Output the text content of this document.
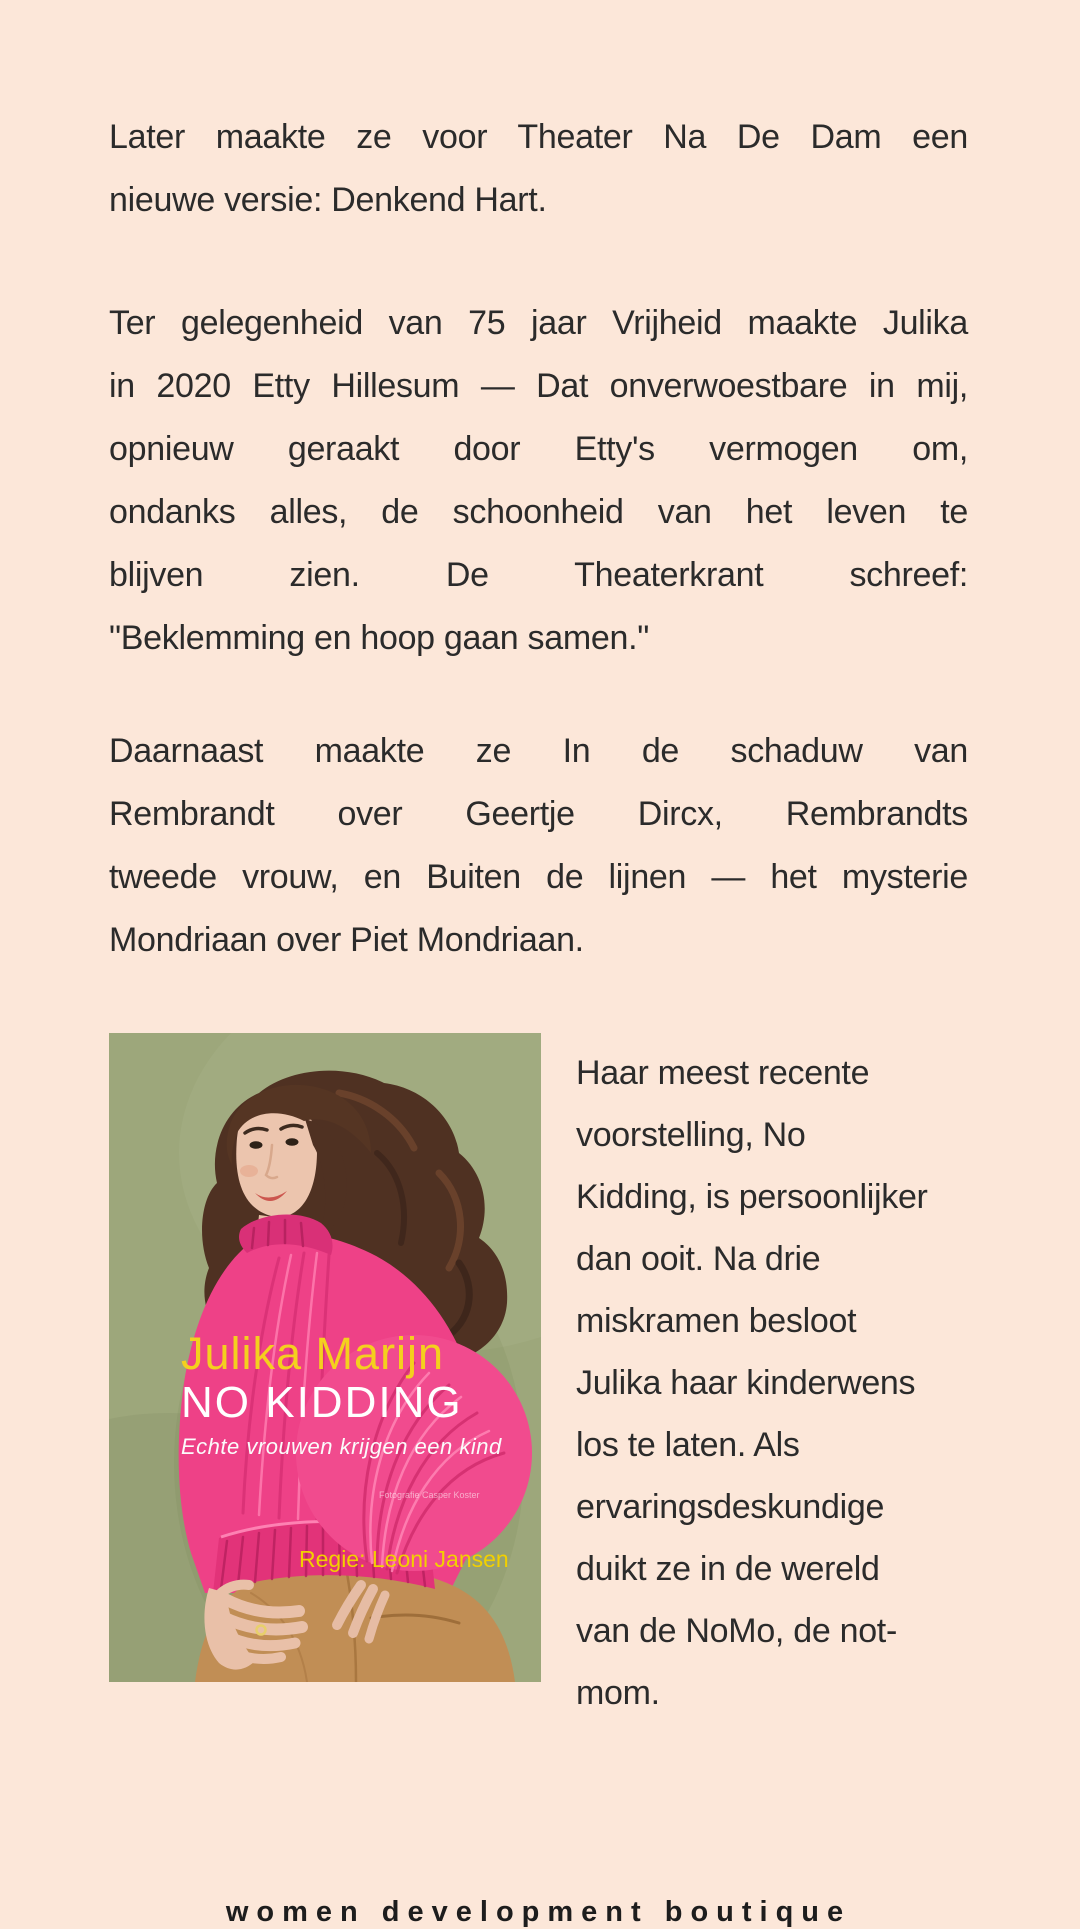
Later maakte ze voor Theater Na De Dam een
nieuwe versie: Denkend Hart.
Ter gelegenheid van 75 jaar Vrijheid maakte Julika
in 2020 Etty Hillesum — Dat onverwoestbare in mij,
opnieuw geraakt door Etty's vermogen om,
ondanks alles, de schoonheid van het leven te
blijven zien. De Theaterkrant schreef:
"Beklemming en hoop gaan samen."
Daarnaast maakte ze In de schaduw van
Rembrandt over Geertje Dircx, Rembrandts
tweede vrouw, en Buiten de lijnen — het mysterie
Mondriaan over Piet Mondriaan.
Julika Marijn
NO KIDDING
Echte vrouwen krijgen een kind
Fotografie Casper Koster
Regie: Leoni Jansen
Haar meest recente
voorstelling, No
Kidding, is persoonlijker
dan ooit. Na drie
miskramen besloot
Julika haar kinderwens
los te laten. Als
ervaringsdeskundige
duikt ze in de wereld
van de NoMo, de not-
mom.
women development boutique
